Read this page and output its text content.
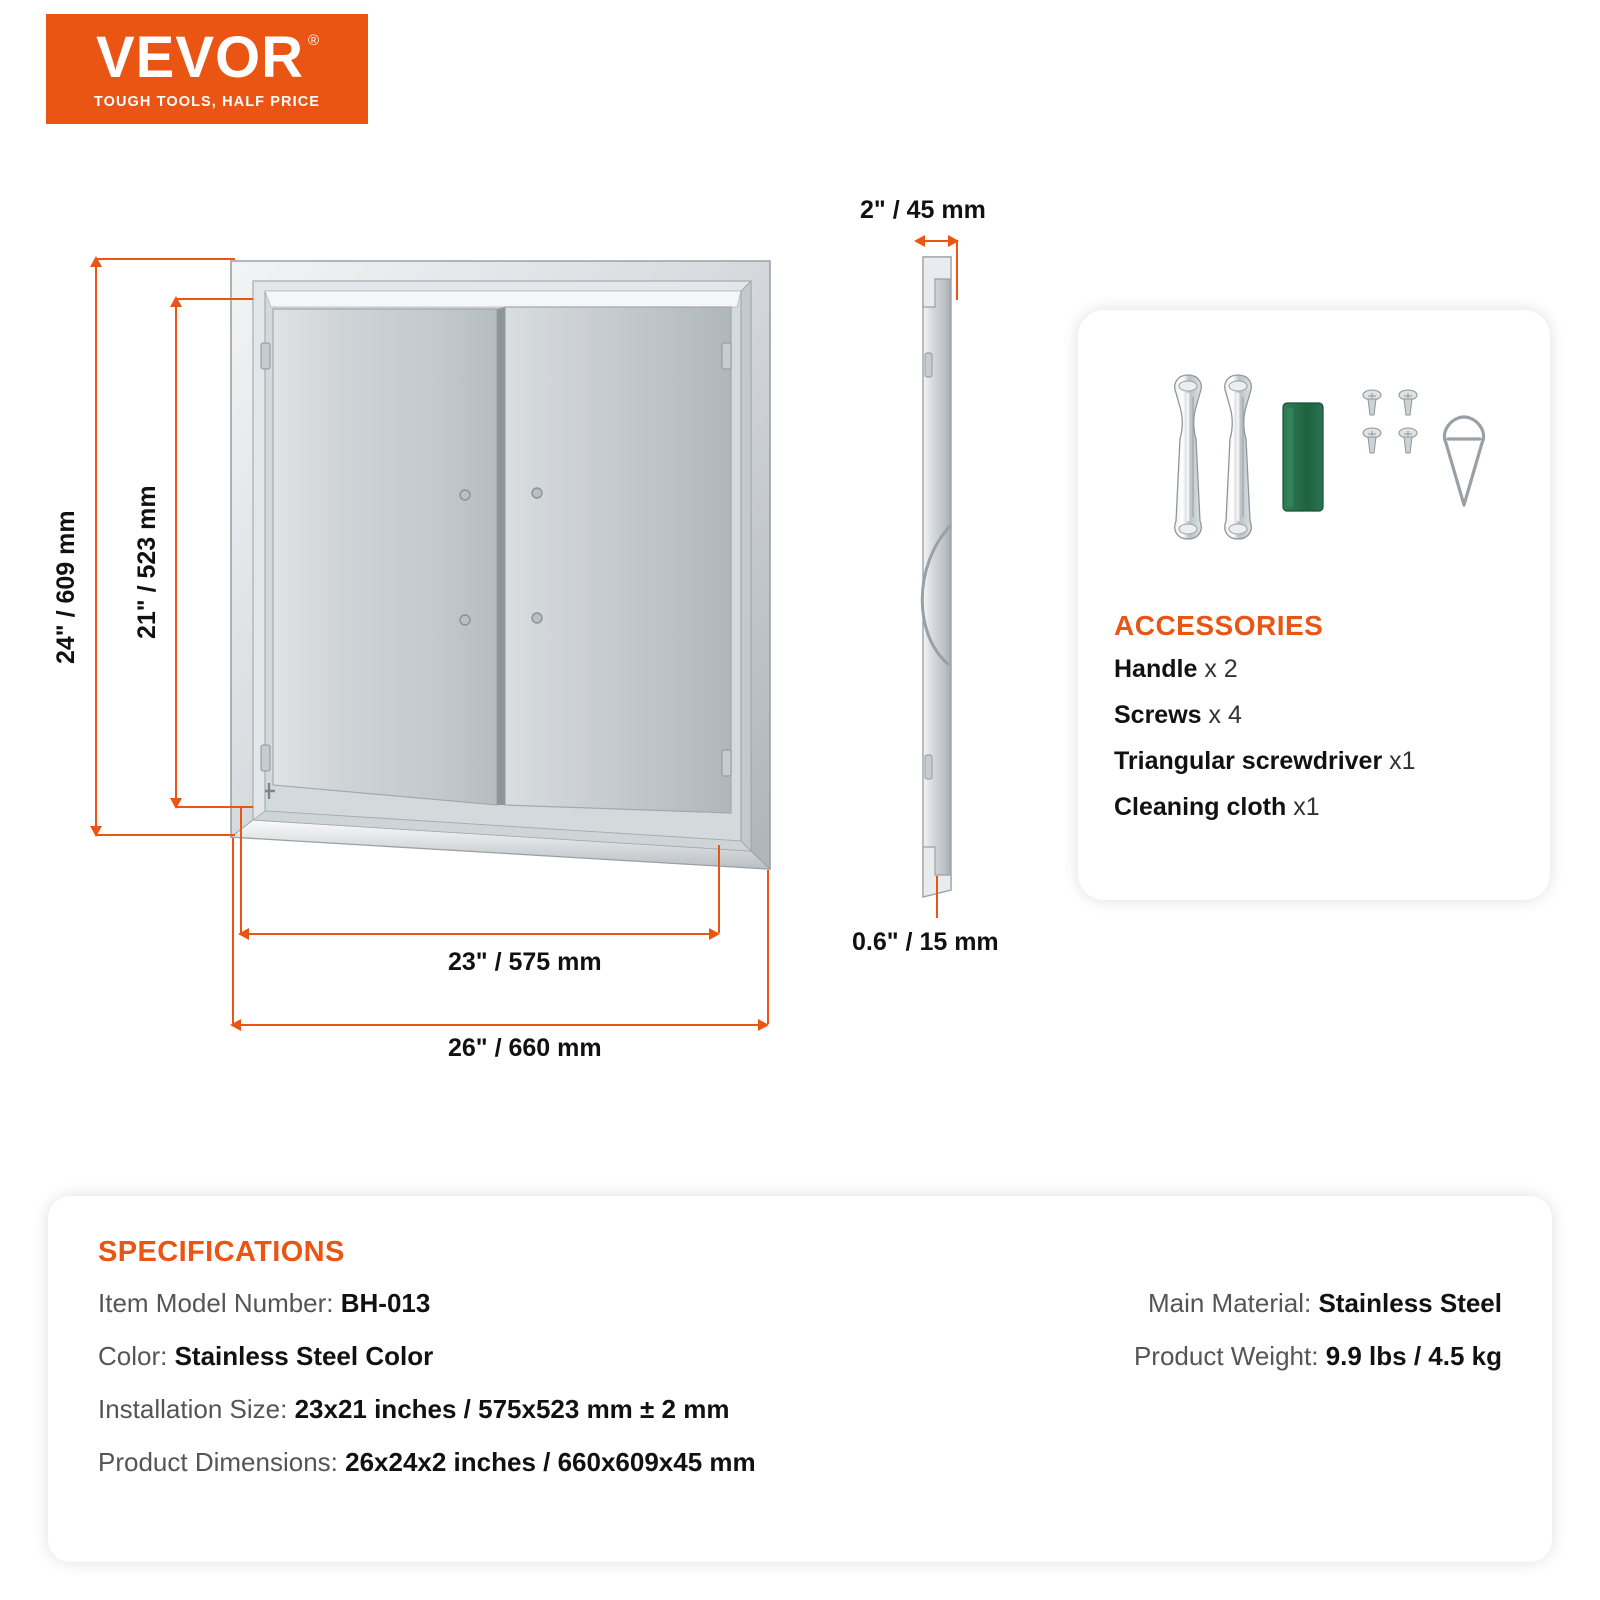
VEVOR ®
TOUGH TOOLS, HALF PRICE
24" / 609 mm 21" / 523 mm
23" / 575 mm
26" / 660 mm
2" / 45 mm
0.6" / 15 mm
ACCESSORIES
Handle x 2
Screws x 4
Triangular screwdriver x1
Cleaning cloth x1
SPECIFICATIONS
Item Model Number: BH-013
Color: Stainless Steel Color
Installation Size: 23x21 inches / 575x523 mm ± 2 mm
Product Dimensions: 26x24x2 inches / 660x609x45 mm
Main Material: Stainless Steel
Product Weight: 9.9 lbs / 4.5 kg
